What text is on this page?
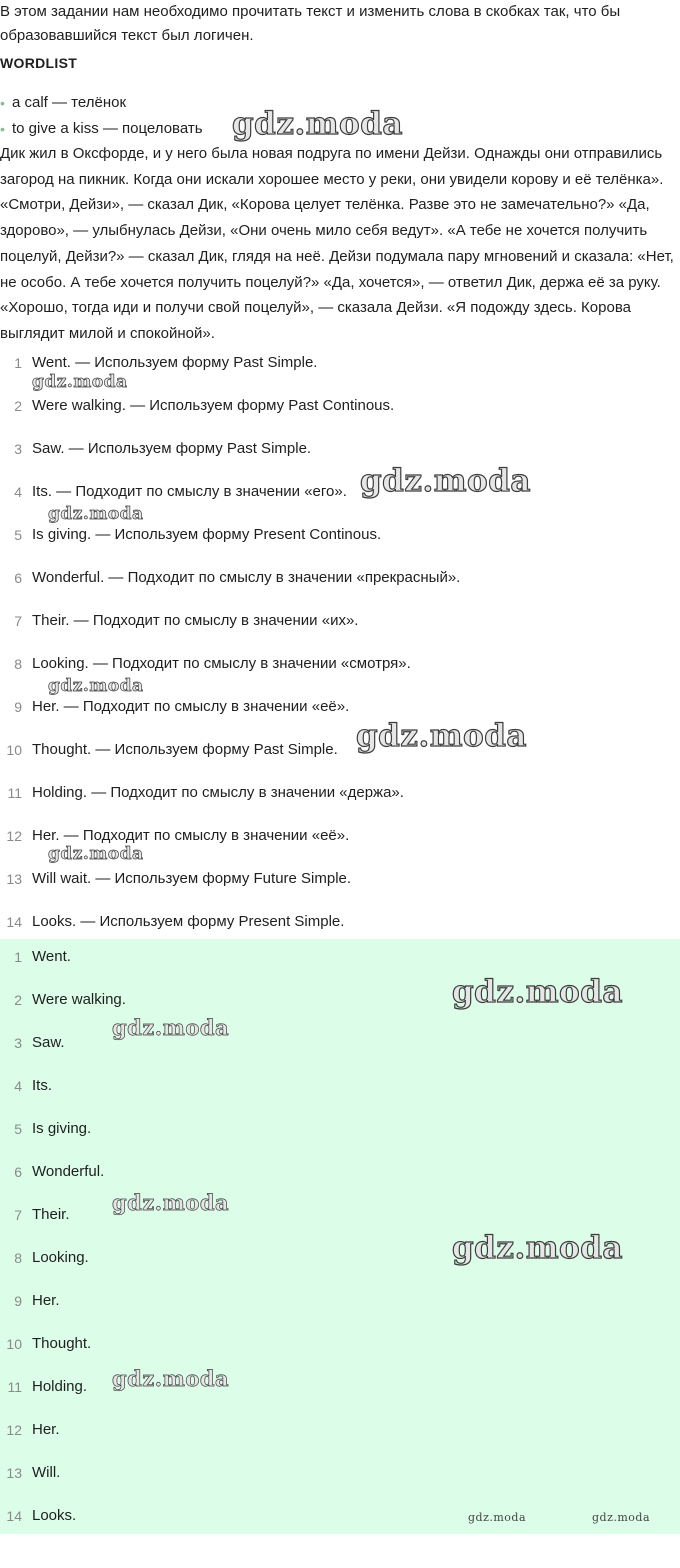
В этом задании нам необходимо прочитать текст и изменить слова в скобках так, что бы образовавшийся текст был логичен.

WORDLIST
• a calf — телёнок
• to give a kiss — поцеловать

Дик жил в Оксфорде, и у него была новая подруга по имени Дейзи. Однажды они отправились загород на пикник. Когда они искали хорошее место у реки, они увидели корову и её телёнка». «Смотри, Дейзи», — сказал Дик, «Корова целует телёнка. Разве это не замечательно?» «Да, здорово», — улыбнулась Дейзи, «Они очень мило себя ведут». «А тебе не хочется получить поцелуй, Дейзи?» — сказал Дик, глядя на неё. Дейзи подумала пару мгновений и сказала: «Нет, не особо. А тебе хочется получить поцелуй?» «Да, хочется», — ответил Дик, держа её за руку. «Хорошо, тогда иди и получи свой поцелуй», — сказала Дейзи. «Я подожду здесь. Корова выглядит милой и спокойной».

1 Went. — Используем форму Past Simple.
2 Were walking. — Используем форму Past Continous.
3 Saw. — Используем форму Past Simple.
4 Its. — Подходит по смыслу в значении «его».
5 Is giving. — Используем форму Present Continous.
6 Wonderful. — Подходит по смыслу в значении «прекрасный».
7 Their. — Подходит по смыслу в значении «их».
8 Looking. — Подходит по смыслу в значении «смотря».
9 Her. — Подходит по смыслу в значении «её».
10 Thought. — Используем форму Past Simple.
11 Holding. — Подходит по смыслу в значении «держа».
12 Her. — Подходит по смыслу в значении «её».
13 Will wait. — Используем форму Future Simple.
14 Looks. — Используем форму Present Simple.
1 Went.
2 Were walking.
3 Saw.
4 Its.
5 Is giving.
6 Wonderful.
7 Their.
8 Looking.
9 Her.
10 Thought.
11 Holding.
12 Her.
13 Will.
14 Looks.
gdz.moda
gdz.moda
gdz.moda
gdz.moda
gdz.moda
gdz.moda
gdz.moda
gdz.moda
gdz.moda
gdz.moda
gdz.moda
gdz.moda
gdz.moda	gdz.moda
